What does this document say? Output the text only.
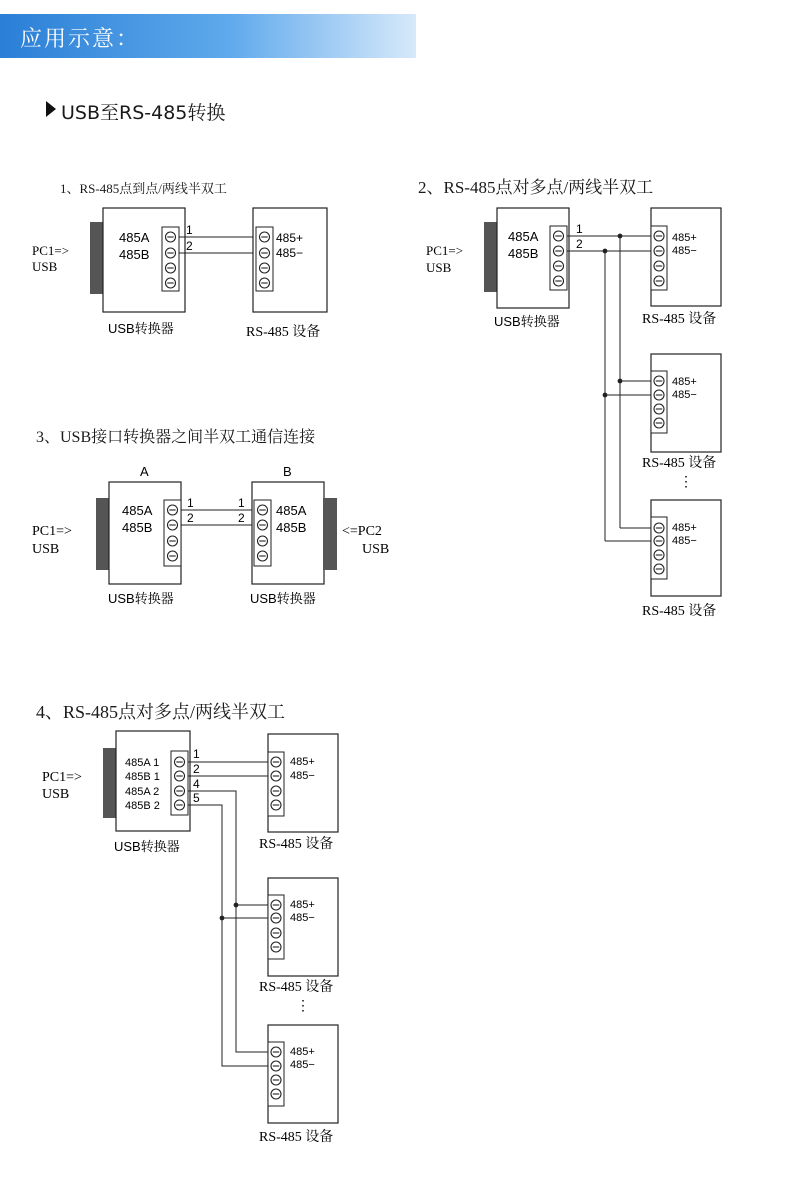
应用示意：
USB至RS-485转换
1、RS-485点到点/两线半双工	2、RS-485点对多点/两线半双工
3、USB接口转换器之间半双工通信连接
4、RS-485点对多点/两线半双工
485A
485B
1
2
485+
485−
PC1=>
USB
USB转换器	RS-485 设备
485A
485B
1
2	485+
485−
485+
485−
485+
485−
PC1=>
USB
USB转换器	RS-485 设备
RS-485 设备
⋮
RS-485 设备
A	B
485A
485B
1
2
1
2 485A
485B
PC1=>
USB
<=PC2
USB
USB转换器	USB转换器
485A 1
485B 1
485A 2
485B 2
1
2
4
5
485+
485−
485+
485−
485+
485−
PC1=>
USB
USB转换器	RS-485 设备
RS-485 设备
⋮
RS-485 设备
